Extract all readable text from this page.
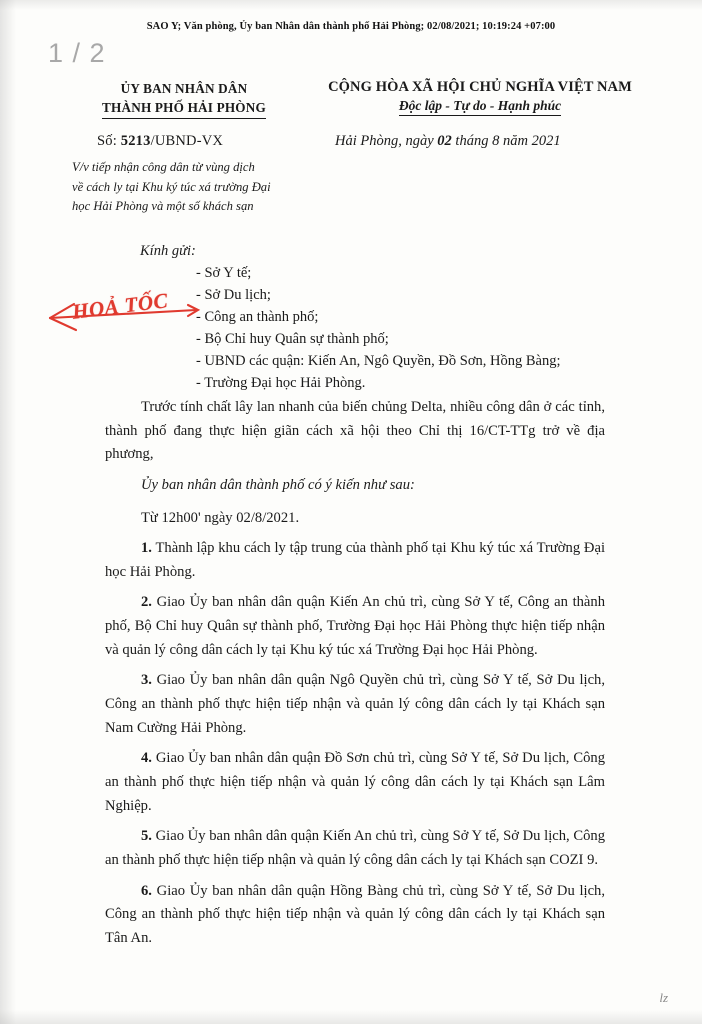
SAO Y; Văn phòng, Ủy ban Nhân dân thành phố Hải Phòng; 02/08/2021; 10:19:24 +07:00
1 / 2
ỦY BAN NHÂN DÂN
THÀNH PHỐ HẢI PHÒNG
CỘNG HÒA XÃ HỘI CHỦ NGHĨA VIỆT NAM
Độc lập - Tự do - Hạnh phúc
Số: 5213/UBND-VX	Hải Phòng, ngày 02 tháng 8 năm 2021
V/v tiếp nhận công dân từ vùng dịch
về cách ly tại Khu ký túc xá trường Đại
học Hải Phòng và một số khách sạn
HOẢ TỐC
Kính gửi:
- Sở Y tế;
- Sở Du lịch;
- Công an thành phố;
- Bộ Chỉ huy Quân sự thành phố;
- UBND các quận: Kiến An, Ngô Quyền, Đồ Sơn, Hồng Bàng;
- Trường Đại học Hải Phòng.

Trước tính chất lây lan nhanh của biến chủng Delta, nhiều công dân ở các tỉnh, thành phố đang thực hiện giãn cách xã hội theo Chỉ thị 16/CT-TTg trở về địa phương,

Ủy ban nhân dân thành phố có ý kiến như sau:

Từ 12h00' ngày 02/8/2021.

1. Thành lập khu cách ly tập trung của thành phố tại Khu ký túc xá Trường Đại học Hải Phòng.

2. Giao Ủy ban nhân dân quận Kiến An chủ trì, cùng Sở Y tế, Công an thành phố, Bộ Chỉ huy Quân sự thành phố, Trường Đại học Hải Phòng thực hiện tiếp nhận và quản lý công dân cách ly tại Khu ký túc xá Trường Đại học Hải Phòng.

3. Giao Ủy ban nhân dân quận Ngô Quyền chủ trì, cùng Sở Y tế, Sở Du lịch, Công an thành phố thực hiện tiếp nhận và quản lý công dân cách ly tại Khách sạn Nam Cường Hải Phòng.

4. Giao Ủy ban nhân dân quận Đồ Sơn chủ trì, cùng Sở Y tế, Sở Du lịch, Công an thành phố thực hiện tiếp nhận và quản lý công dân cách ly tại Khách sạn Lâm Nghiệp.

5. Giao Ủy ban nhân dân quận Kiến An chủ trì, cùng Sở Y tế, Sở Du lịch, Công an thành phố thực hiện tiếp nhận và quản lý công dân cách ly tại Khách sạn COZI 9.

6. Giao Ủy ban nhân dân quận Hồng Bàng chủ trì, cùng Sở Y tế, Sở Du lịch, Công an thành phố thực hiện tiếp nhận và quản lý công dân cách ly tại Khách sạn Tân An.

lz
